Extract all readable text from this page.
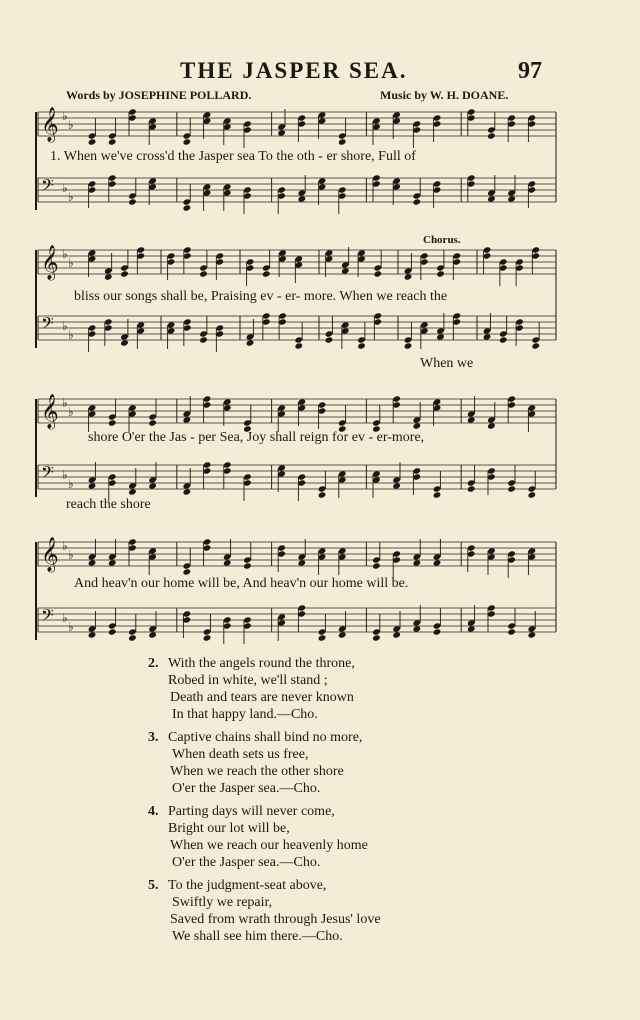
THE JASPER SEA.	97
Words by JOSEPHINE POLLARD.	Music by W. H. DOANE.
𝄞 ♭
♭
𝄢 ♭
♭
1. When we've cross'd the Jasper sea To the oth - er shore, Full of
Chorus.
𝄞 ♭
♭
𝄢 ♭
♭
bliss our songs shall be, Praising ev - er- more. When we reach the
When we
𝄞 ♭
♭
𝄢 ♭
♭
shore O'er the Jas - per Sea, Joy shall reign for ev - er-more,
reach the shore
𝄞 ♭
♭
𝄢 ♭
♭
And heav'n our home will be, And heav'n our home will be.
2. With the angels round the throne,
Robed in white, we'll stand ;
Death and tears are never known
In that happy land.—Cho.
3. Captive chains shall bind no more,
When death sets us free,
When we reach the other shore
O'er the Jasper sea.—Cho.
4. Parting days will never come,
Bright our lot will be,
When we reach our heavenly home
O'er the Jasper sea.—Cho.
5. To the judgment-seat above,
Swiftly we repair,
Saved from wrath through Jesus' love
We shall see him there.—Cho.
